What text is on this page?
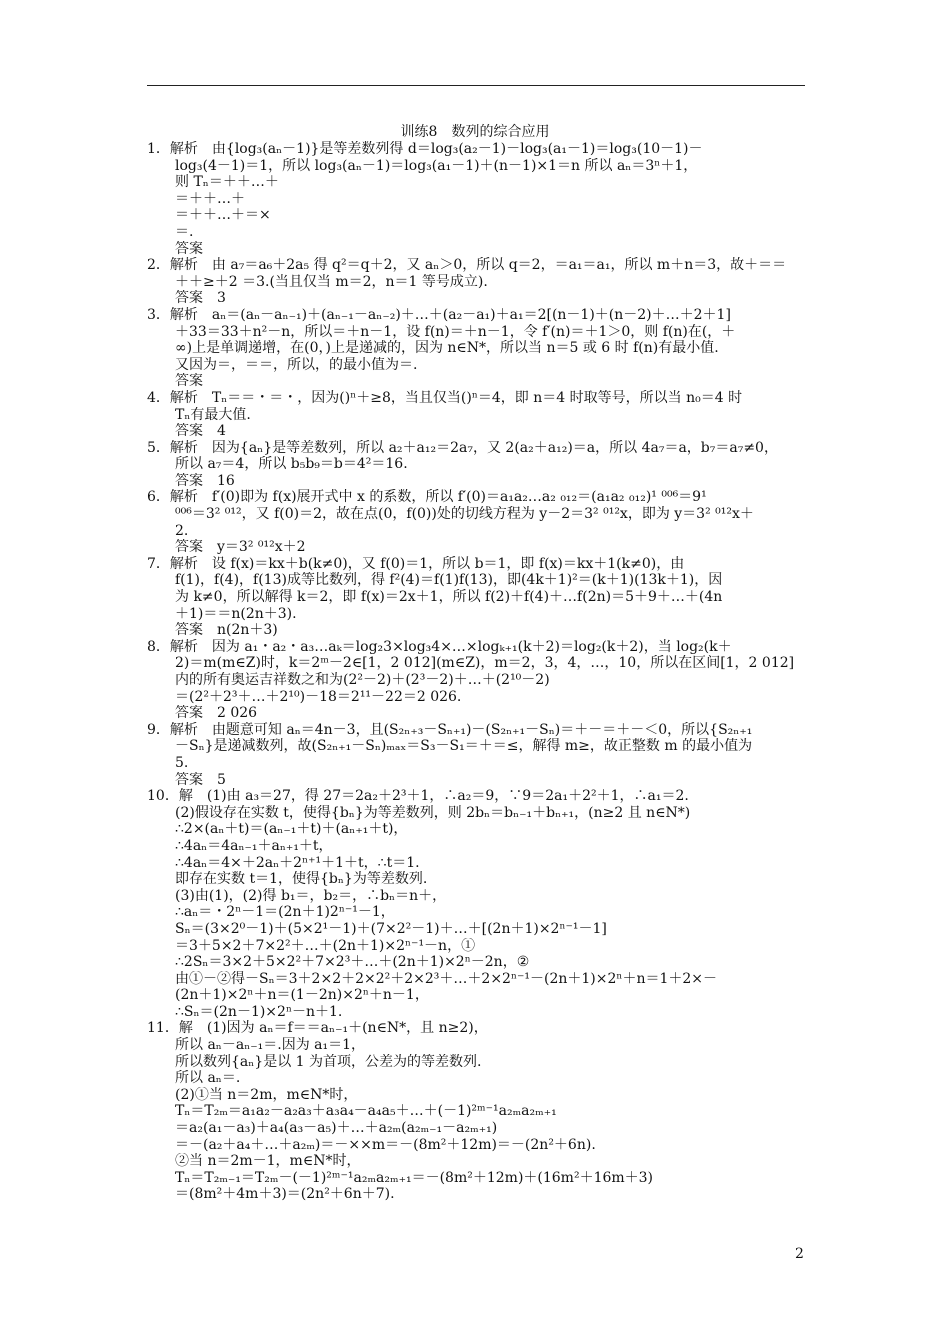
训练8　数列的综合应用
1．解析　由{log₃(aₙ－1)}是等差数列得 d＝log₃(a₂－1)－log₃(a₁－1)＝log₃(10－1)－
log₃(4－1)＝1，所以 log₃(aₙ－1)＝log₃(a₁－1)＋(n－1)×1＝n 所以 aₙ＝3ⁿ＋1，
则 Tₙ＝＋＋…＋
＝＋＋…＋
＝＋＋…＋＝×
＝.
答案
2．解析　由 a₇＝a₆＋2a₅ 得 q²＝q＋2，又 aₙ＞0，所以 q＝2，＝a₁＝a₁，所以 m＋n＝3，故＋＝＝
＋＋≥＋2 ＝3.(当且仅当 m＝2，n＝1 等号成立).
答案　3
3．解析　aₙ＝(aₙ－aₙ₋₁)＋(aₙ₋₁－aₙ₋₂)＋…＋(a₂－a₁)＋a₁＝2[(n－1)＋(n－2)＋…＋2＋1]
＋33＝33＋n²－n，所以＝＋n－1，设 f(n)＝＋n－1，令 f′(n)＝＋1＞0，则 f(n)在(，＋
∞)上是单调递增，在(0，)上是递减的，因为 n∈N*，所以当 n＝5 或 6 时 f(n)有最小值.
又因为＝，＝＝，所以，的最小值为＝.
答案
4．解析　Tₙ＝＝・＝・，因为()ⁿ＋≥8，当且仅当()ⁿ＝4，即 n＝4 时取等号，所以当 n₀＝4 时
Tₙ有最大值.
答案　4
5．解析　因为{aₙ}是等差数列，所以 a₂＋a₁₂＝2a₇，又 2(a₂＋a₁₂)＝a，所以 4a₇＝a，b₇＝a₇≠0，
所以 a₇＝4，所以 b₅b₉＝b＝4²＝16.
答案　16
6．解析　f′(0)即为 f(x)展开式中 x 的系数，所以 f′(0)＝a₁a₂…a₂ ₀₁₂＝(a₁a₂ ₀₁₂)¹ ⁰⁰⁶＝9¹
⁰⁰⁶＝3² ⁰¹²，又 f(0)＝2，故在点(0，f(0))处的切线方程为 y－2＝3² ⁰¹²x，即为 y＝3² ⁰¹²x＋
2.
答案　y＝3² ⁰¹²x＋2
7．解析　设 f(x)＝kx＋b(k≠0)，又 f(0)＝1，所以 b＝1，即 f(x)＝kx＋1(k≠0)，由
f(1)，f(4)，f(13)成等比数列，得 f²(4)＝f(1)f(13)，即(4k＋1)²＝(k＋1)(13k＋1)，因
为 k≠0，所以解得 k＝2，即 f(x)＝2x＋1，所以 f(2)＋f(4)＋…f(2n)＝5＋9＋…＋(4n
＋1)＝＝n(2n＋3).
答案　n(2n＋3)
8．解析　因为 a₁・a₂・a₃…aₖ＝log₂3×log₃4×…×logₖ₊₁(k＋2)＝log₂(k＋2)，当 log₂(k＋
2)＝m(m∈Z)时，k＝2ᵐ－2∈[1，2 012](m∈Z)，m＝2，3，4，…，10，所以在区间[1，2 012]
内的所有奥运吉祥数之和为(2²－2)＋(2³－2)＋…＋(2¹⁰－2)
＝(2²＋2³＋…＋2¹⁰)－18＝2¹¹－22＝2 026.
答案　2 026
9．解析　由题意可知 aₙ＝4n－3，且(S₂ₙ₊₃－Sₙ₊₁)－(S₂ₙ₊₁－Sₙ)＝＋－＝＋－＜0，所以{S₂ₙ₊₁
－Sₙ}是递减数列，故(S₂ₙ₊₁－Sₙ)ₘₐₓ＝S₃－S₁＝＋＝≤，解得 m≥，故正整数 m 的最小值为
5.
答案　5
10．解　(1)由 a₃＝27，得 27＝2a₂＋2³＋1，∴a₂＝9，∵9＝2a₁＋2²＋1，∴a₁＝2.
(2)假设存在实数 t，使得{bₙ}为等差数列，则 2bₙ＝bₙ₋₁＋bₙ₊₁，(n≥2 且 n∈N*)
∴2×(aₙ＋t)＝(aₙ₋₁＋t)＋(aₙ₊₁＋t)，
∴4aₙ＝4aₙ₋₁＋aₙ₊₁＋t，
∴4aₙ＝4×＋2aₙ＋2ⁿ⁺¹＋1＋t，∴t＝1.
即存在实数 t＝1，使得{bₙ}为等差数列.
(3)由(1)，(2)得 b₁＝，b₂＝，∴bₙ＝n＋，
∴aₙ＝・2ⁿ－1＝(2n＋1)2ⁿ⁻¹－1，
Sₙ＝(3×2⁰－1)＋(5×2¹－1)＋(7×2²－1)＋…＋[(2n＋1)×2ⁿ⁻¹－1]
＝3＋5×2＋7×2²＋…＋(2n＋1)×2ⁿ⁻¹－n，①
∴2Sₙ＝3×2＋5×2²＋7×2³＋…＋(2n＋1)×2ⁿ－2n，②
由①－②得－Sₙ＝3＋2×2＋2×2²＋2×2³＋…＋2×2ⁿ⁻¹－(2n＋1)×2ⁿ＋n＝1＋2×－
(2n＋1)×2ⁿ＋n＝(1－2n)×2ⁿ＋n－1，
∴Sₙ＝(2n－1)×2ⁿ－n＋1.
11．解　(1)因为 aₙ＝f＝＝aₙ₋₁＋(n∈N*，且 n≥2)，
所以 aₙ－aₙ₋₁＝.因为 a₁＝1，
所以数列{aₙ}是以 1 为首项，公差为的等差数列.
所以 aₙ＝.
(2)①当 n＝2m，m∈N*时，
Tₙ＝T₂ₘ＝a₁a₂－a₂a₃＋a₃a₄－a₄a₅＋…＋(－1)²ᵐ⁻¹a₂ₘa₂ₘ₊₁
＝a₂(a₁－a₃)＋a₄(a₃－a₅)＋…＋a₂ₘ(a₂ₘ₋₁－a₂ₘ₊₁)
＝－(a₂＋a₄＋…＋a₂ₘ)＝－××m＝－(8m²＋12m)＝－(2n²＋6n).
②当 n＝2m－1，m∈N*时，
Tₙ＝T₂ₘ₋₁＝T₂ₘ－(－1)²ᵐ⁻¹a₂ₘa₂ₘ₊₁＝－(8m²＋12m)＋(16m²＋16m＋3)
＝(8m²＋4m＋3)＝(2n²＋6n＋7).
2
